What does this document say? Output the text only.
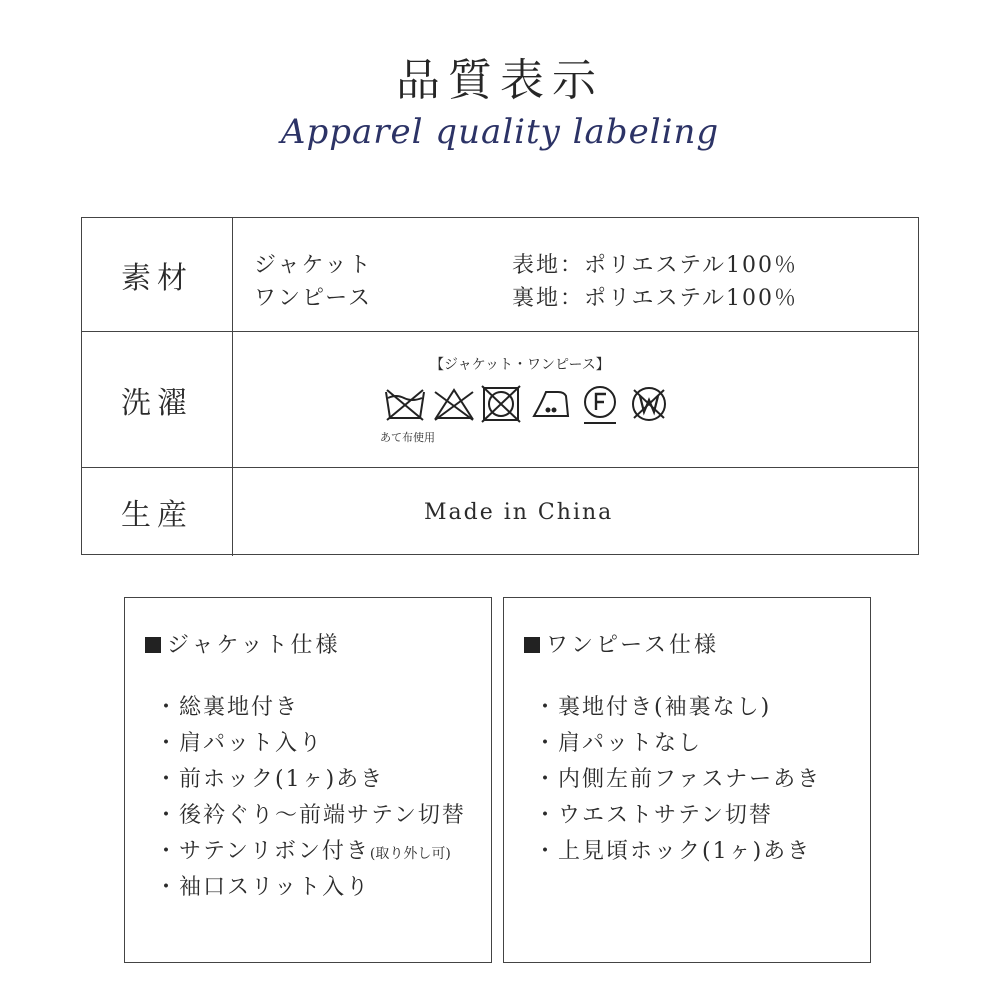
品質表示
Apparel quality labeling
素材	ジャケット
ワンピース
表地：ポリエステル100％
裏地：ポリエステル100％
洗濯
【ジャケット・ワンピース】
あて布使用
生産	Made in China
ジャケット仕様
・総裏地付き
・肩パット入り
・前ホック(1ヶ)あき
・後衿ぐり～前端サテン切替
・サテンリボン付き(取り外し可)
・袖口スリット入り
ワンピース仕様
・裏地付き(袖裏なし)
・肩パットなし
・内側左前ファスナーあき
・ウエストサテン切替
・上見頃ホック(1ヶ)あき
